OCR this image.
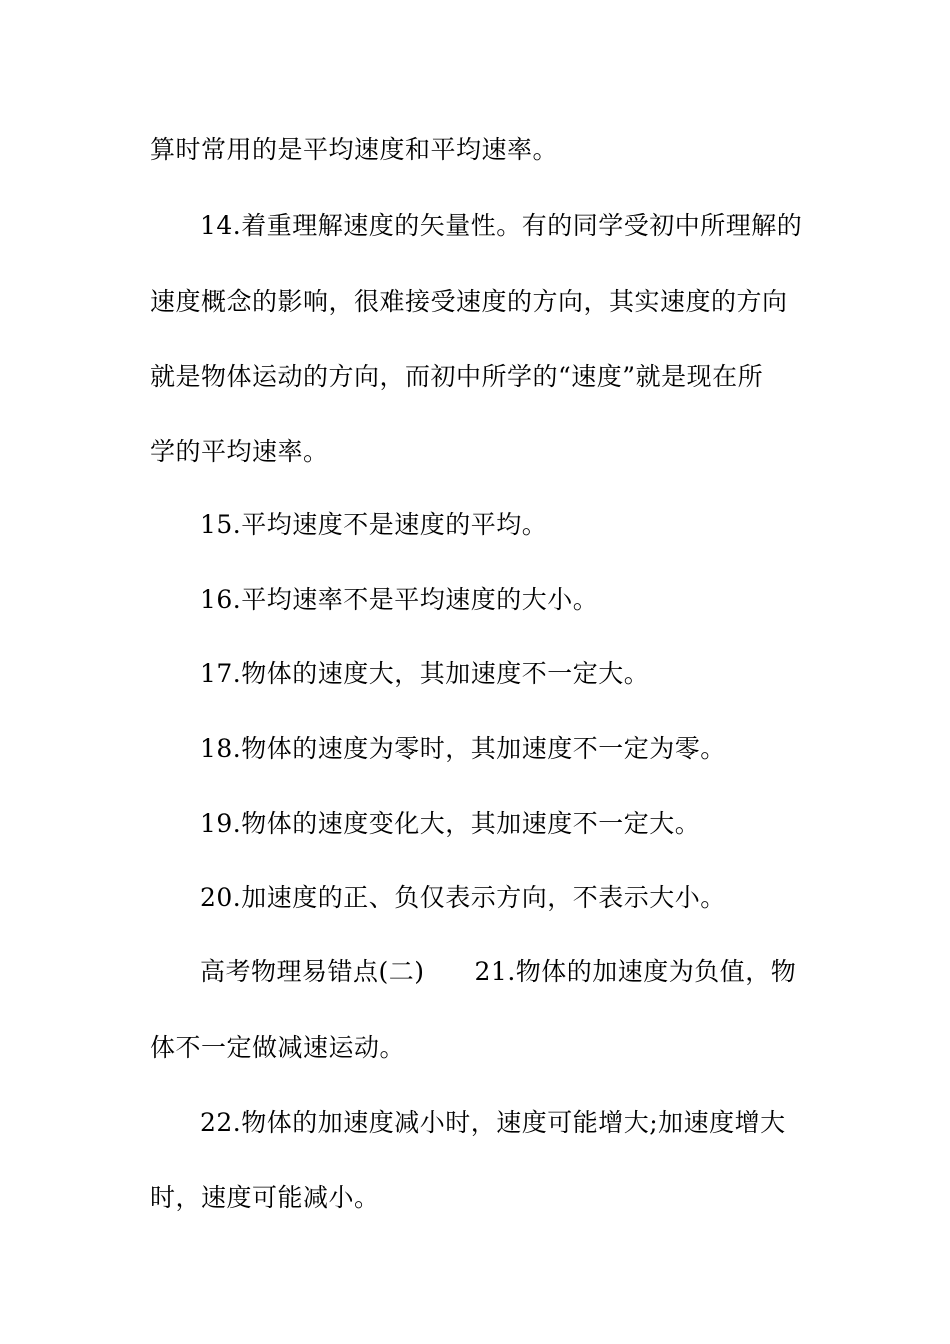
算时常用的是平均速度和平均速率。
14.着重理解速度的矢量性。有的同学受初中所理解的
速度概念的影响，很难接受速度的方向，其实速度的方向
就是物体运动的方向，而初中所学的“速度”就是现在所
学的平均速率。
15.平均速度不是速度的平均。
16.平均速率不是平均速度的大小。
17.物体的速度大，其加速度不一定大。
18.物体的速度为零时，其加速度不一定为零。
19.物体的速度变化大，其加速度不一定大。
20.加速度的正、负仅表示方向，不表示大小。
高考物理易错点(二) 21.物体的加速度为负值，物
体不一定做减速运动。
22.物体的加速度减小时，速度可能增大;加速度增大
时，速度可能减小。
